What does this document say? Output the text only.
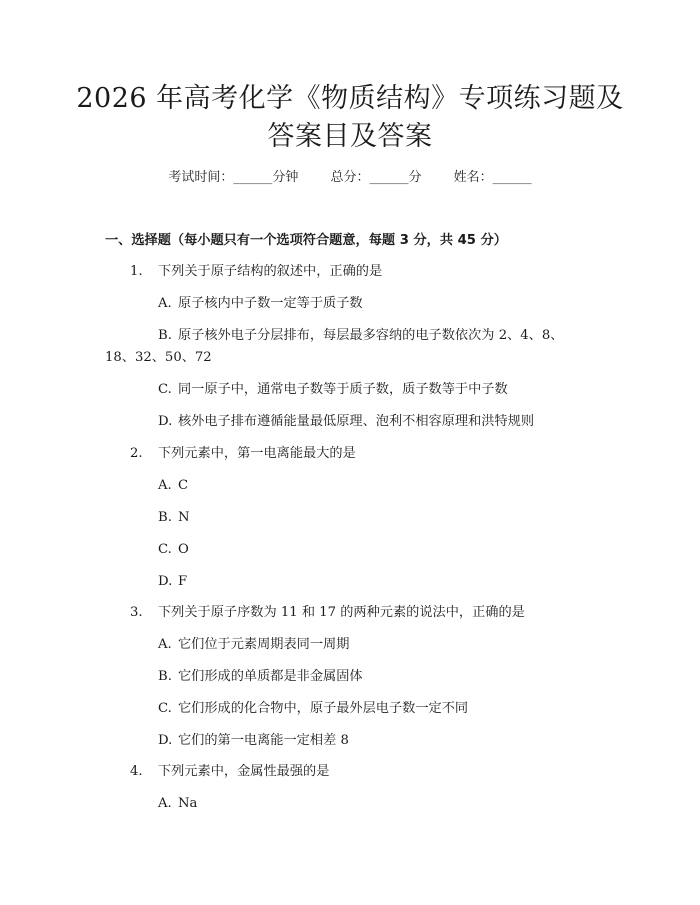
2026 年高考化学《物质结构》专项练习题及
答案目及答案
考试时间：______分钟 总分：______分 姓名：______
一、选择题（每小题只有一个选项符合题意，每题 3 分，共 45 分）
1. 下列关于原子结构的叙述中，正确的是
A. 原子核内中子数一定等于质子数
B. 原子核外电子分层排布，每层最多容纳的电子数依次为 2、4、8、
18、32、50、72
C. 同一原子中，通常电子数等于质子数，质子数等于中子数
D. 核外电子排布遵循能量最低原理、泡利不相容原理和洪特规则
2. 下列元素中，第一电离能最大的是
A. C
B. N
C. O
D. F
3. 下列关于原子序数为 11 和 17 的两种元素的说法中，正确的是
A. 它们位于元素周期表同一周期
B. 它们形成的单质都是非金属固体
C. 它们形成的化合物中，原子最外层电子数一定不同
D. 它们的第一电离能一定相差 8
4. 下列元素中，金属性最强的是
A. Na
